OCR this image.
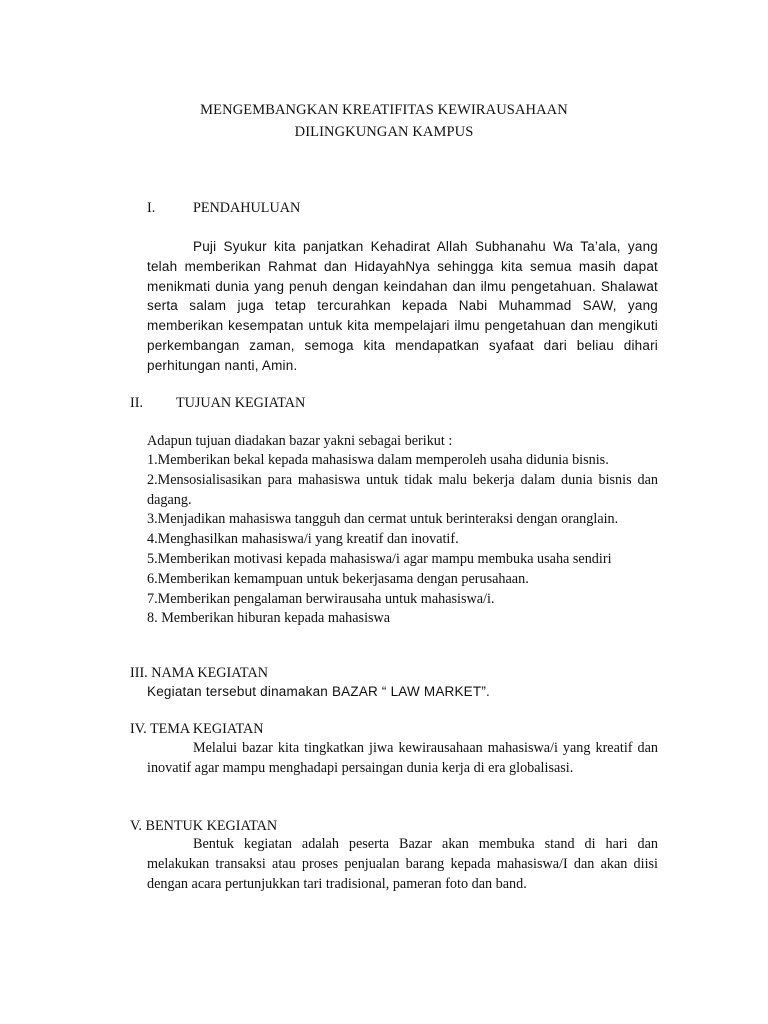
MENGEMBANGKAN KREATIFITAS KEWIRAUSAHAAN
DILINGKUNGAN KAMPUS
I.	PENDAHULUAN

Puji Syukur kita panjatkan Kehadirat Allah Subhanahu Wa Ta’ala, yang telah memberikan Rahmat dan HidayahNya sehingga kita semua masih dapat menikmati dunia yang penuh dengan keindahan dan ilmu pengetahuan. Shalawat serta salam juga tetap tercurahkan kepada Nabi Muhammad SAW, yang memberikan kesempatan untuk kita mempelajari ilmu pengetahuan dan mengikuti perkembangan zaman, semoga kita mendapatkan syafaat dari beliau dihari perhitungan nanti, Amin.

II. TUJUAN KEGIATAN
Adapun tujuan diadakan bazar yakni sebagai berikut :

1.Memberikan bekal kepada mahasiswa dalam memperoleh usaha didunia bisnis.

2.Mensosialisasikan para mahasiswa untuk tidak malu bekerja dalam dunia bisnis dan dagang.

3.Menjadikan mahasiswa tangguh dan cermat untuk berinteraksi dengan oranglain.

4.Menghasilkan mahasiswa/i yang kreatif dan inovatif.

5.Memberikan motivasi kepada mahasiswa/i agar mampu membuka usaha sendiri

6.Memberikan kemampuan untuk bekerjasama dengan perusahaan.

7.Memberikan pengalaman berwirausaha untuk mahasiswa/i.

8. Memberikan hiburan kepada mahasiswa

III. NAMA KEGIATAN
Kegiatan tersebut dinamakan BAZAR “ LAW MARKET”.
IV. TEMA KEGIATAN

Melalui bazar kita tingkatkan jiwa kewirausahaan mahasiswa/i yang kreatif dan inovatif agar mampu menghadapi persaingan dunia kerja di era globalisasi.

V. BENTUK KEGIATAN

Bentuk kegiatan adalah peserta Bazar akan membuka stand di hari dan melakukan transaksi atau proses penjualan barang kepada mahasiswa/I dan akan diisi dengan acara pertunjukkan tari tradisional, pameran foto dan band.
